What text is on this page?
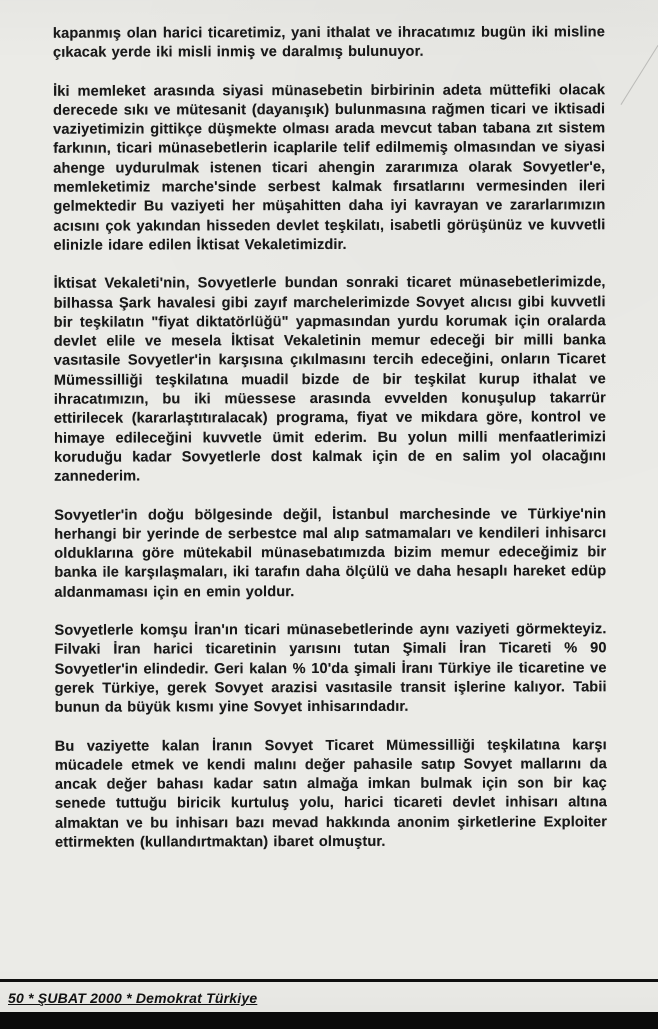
kapanmış olan harici ticaretimiz, yani ithalat ve ihracatımız bugün iki misline çıkacak yerde iki misli inmiş ve daralmış bulunuyor.

İki memleket arasında siyasi münasebetin birbirinin adeta müttefiki olacak derecede sıkı ve mütesanit (dayanışık) bulunmasına rağmen ticari ve iktisadi vaziyetimizin gittikçe düşmekte olması arada mevcut taban tabana zıt sistem farkının, ticari münasebetlerin icaplarile telif edilmemiş olmasından ve siyasi ahenge uydurulmak istenen ticari ahengin zararımıza olarak Sovyetler'e, memleketimiz marche'sinde serbest kalmak fırsatlarını vermesinden ileri gelmektedir Bu vaziyeti her müşahitten daha iyi kavrayan ve zararlarımızın acısını çok yakından hisseden devlet teşkilatı, isabetli görüşünüz ve kuvvetli elinizle idare edilen İktisat Vekaletimizdir.

İktisat Vekaleti'nin, Sovyetlerle bundan sonraki ticaret münasebetlerimizde, bilhassa Şark havalesi gibi zayıf marchelerimizde Sovyet alıcısı gibi kuvvetli bir teşkilatın "fiyat diktatörlüğü" yapmasından yurdu korumak için oralarda devlet elile ve mesela İktisat Vekaletinin memur edeceği bir milli banka vasıtasile Sovyetler'in karşısına çıkılmasını tercih edeceğini, onların Ticaret Mümessilliği teşkilatına muadil bizde de bir teşkilat kurup ithalat ve ihracatımızın, bu iki müessese arasında evvelden konuşulup takarrür ettirilecek (kararlaştıtıralacak) programa, fiyat ve mikdara göre, kontrol ve himaye edileceğini kuvvetle ümit ederim. Bu yolun milli menfaatlerimizi koruduğu kadar Sovyetlerle dost kalmak için de en salim yol olacağını zannederim.

Sovyetler'in doğu bölgesinde değil, İstanbul marchesinde ve Türkiye'nin herhangi bir yerinde de serbestce mal alıp satmamaları ve kendileri inhisarcı olduklarına göre mütekabil münasebatımızda bizim memur edeceğimiz bir banka ile karşılaşmaları, iki tarafın daha ölçülü ve daha hesaplı hareket edüp aldanmaması için en emin yoldur.

Sovyetlerle komşu İran'ın ticari münasebetlerinde aynı vaziyeti görmekteyiz. Filvaki İran harici ticaretinin yarısını tutan Şimali İran Ticareti % 90 Sovyetler'in elindedir. Geri kalan % 10'da şimali İranı Türkiye ile ticaretine ve gerek Türkiye, gerek Sovyet arazisi vasıtasile transit işlerine kalıyor. Tabii bunun da büyük kısmı yine Sovyet inhisarındadır.

Bu vaziyette kalan İranın Sovyet Ticaret Mümessilliği teşkilatına karşı mücadele etmek ve kendi malını değer pahasile satıp Sovyet mallarını da ancak değer bahası kadar satın almağa imkan bulmak için son bir kaç senede tuttuğu biricik kurtuluş yolu, harici ticareti devlet inhisarı altına almaktan ve bu inhisarı bazı mevad hakkında anonim şirketlerine Exploiter ettirmekten (kullandırtmaktan) ibaret olmuştur.

50 * ŞUBAT 2000 * Demokrat Türkiye
